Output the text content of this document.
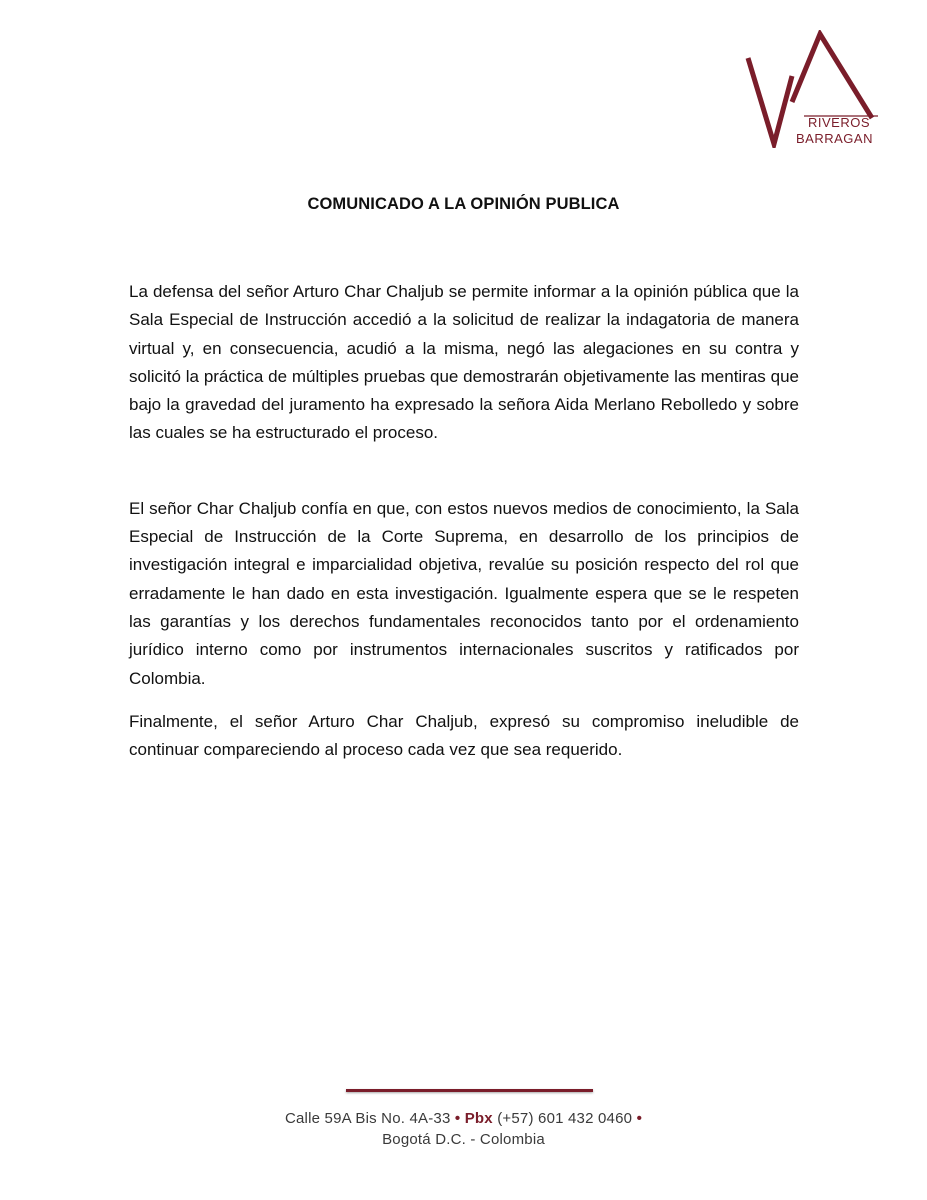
RIVEROS
BARRAGAN
COMUNICADO A LA OPINIÓN PUBLICA

La defensa del señor Arturo Char Chaljub se permite informar a la opinión pública que la Sala Especial de Instrucción accedió a la solicitud de realizar la indagatoria de manera virtual y, en consecuencia, acudió a la misma, negó las alegaciones en su contra y solicitó la práctica de múltiples pruebas que demostrarán objetivamente las mentiras que bajo la gravedad del juramento ha expresado la señora Aida Merlano Rebolledo y sobre las cuales se ha estructurado el proceso.

El señor Char Chaljub confía en que, con estos nuevos medios de conocimiento, la Sala Especial de Instrucción de la Corte Suprema, en desarrollo de los principios de investigación integral e imparcialidad objetiva, revalúe su posición respecto del rol que erradamente le han dado en esta investigación. Igualmente espera que se le respeten las garantías y los derechos fundamentales reconocidos tanto por el ordenamiento jurídico interno como por instrumentos internacionales suscritos y ratificados por Colombia.

Finalmente, el señor Arturo Char Chaljub, expresó su compromiso ineludible de continuar compareciendo al proceso cada vez que sea requerido.

Calle 59A Bis No. 4A-33 • Pbx (+57) 601 432 0460 •
Bogotá D.C. - Colombia
